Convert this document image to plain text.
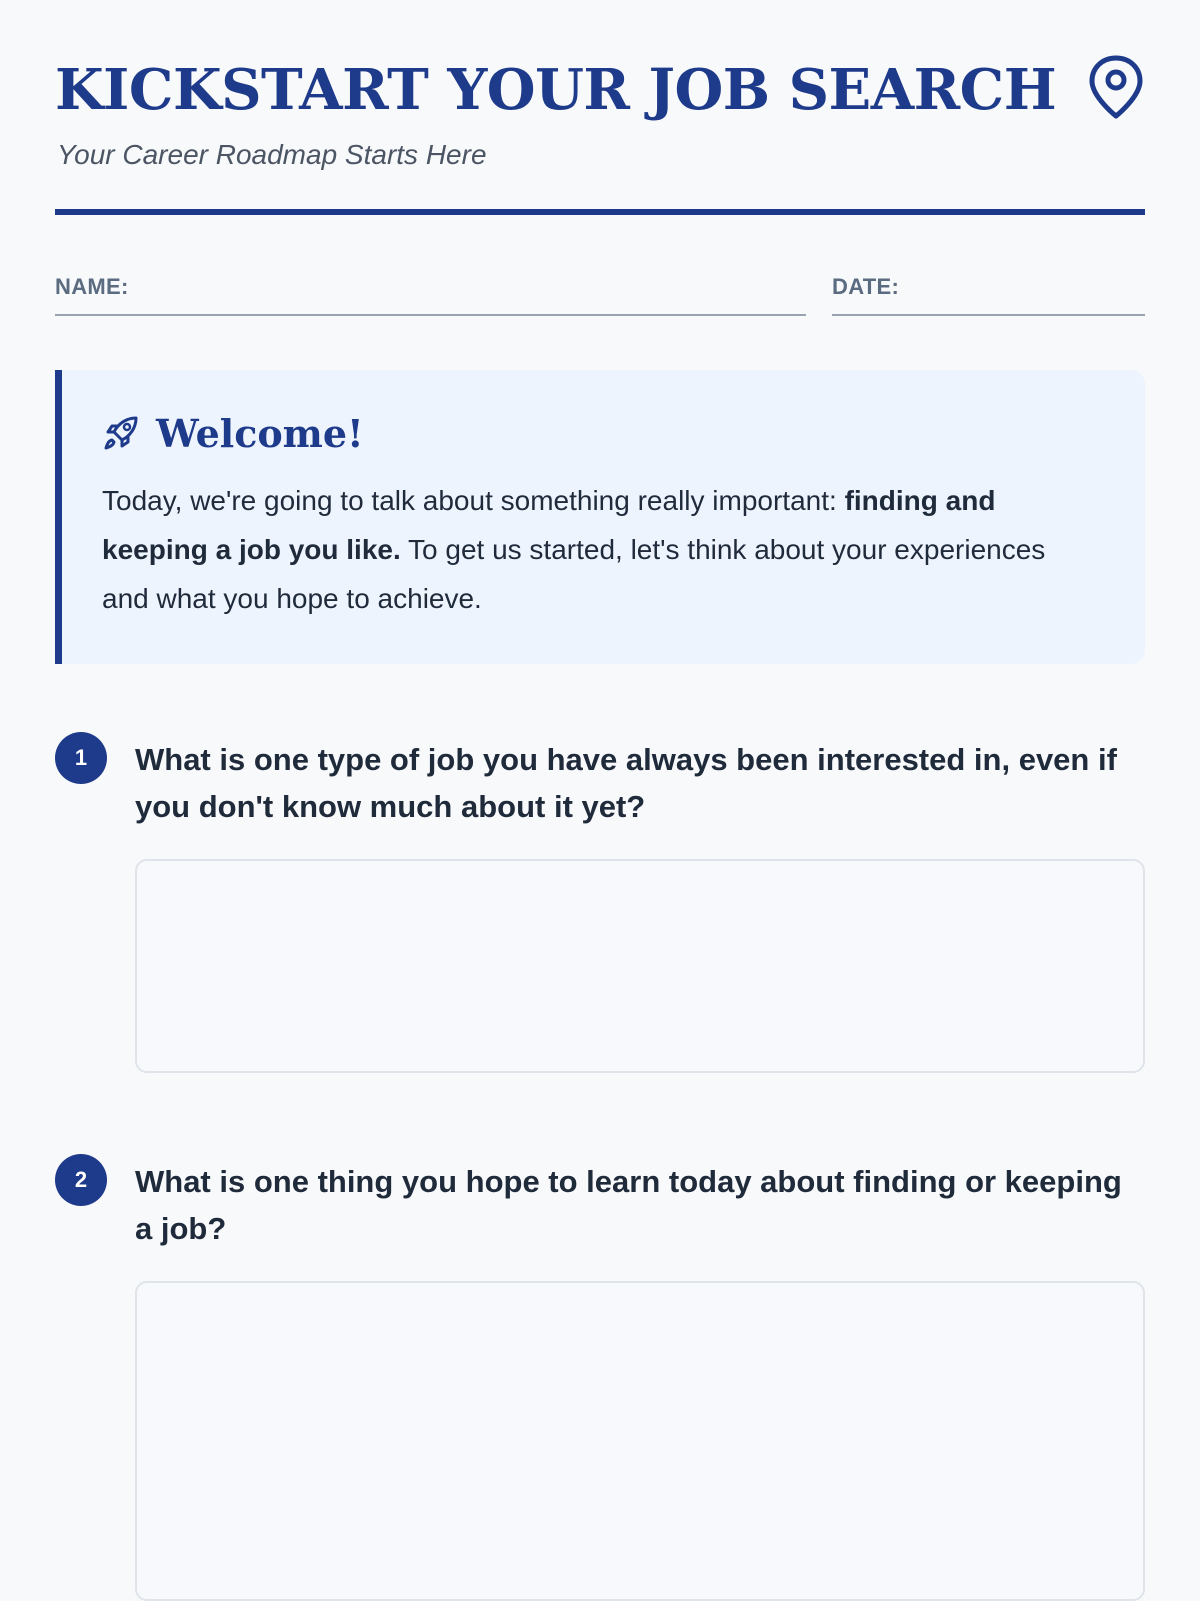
KICKSTART YOUR JOB SEARCH

Your Career Roadmap Starts Here

NAME:	DATE:
Welcome!

Today, we're going to talk about something really important: finding and keeping a job you like. To get us started, let's think about your experiences and what you hope to achieve.

1	What is one type of job you have always been interested in, even if you don't know much about it yet?

2	What is one thing you hope to learn today about finding or keeping a job?
